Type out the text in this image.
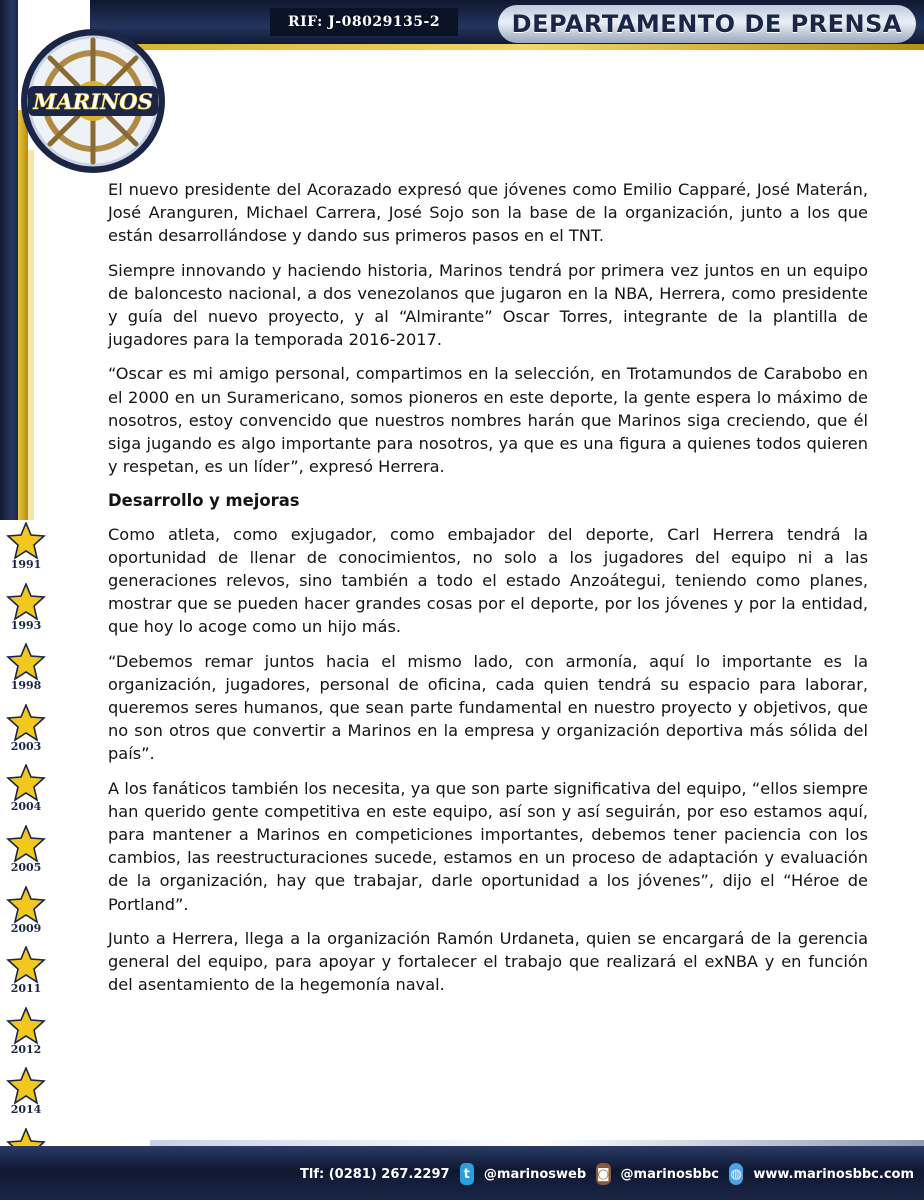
RIF: J-08029135-2	DEPARTAMENTO DE PRENSA
MARINOS

El nuevo presidente del Acorazado expresó que jóvenes como Emilio Capparé, José Materán, José Aranguren, Michael Carrera, José Sojo son la base de la organización, junto a los que están desarrollándose y dando sus primeros pasos en el TNT.

Siempre innovando y haciendo historia, Marinos tendrá por primera vez juntos en un equipo de baloncesto nacional, a dos venezolanos que jugaron en la NBA, Herrera, como presidente y guía del nuevo proyecto, y al “Almirante” Oscar Torres, integrante de la plantilla de jugadores para la temporada 2016-2017.

“Oscar es mi amigo personal, compartimos en la selección, en Trotamundos de Carabobo en el 2000 en un Suramericano, somos pioneros en este deporte, la gente espera lo máximo de nosotros, estoy convencido que nuestros nombres harán que Marinos siga creciendo, que él siga jugando es algo importante para nosotros, ya que es una figura a quienes todos quieren y respetan, es un líder”, expresó Herrera.

Desarrollo y mejoras

Como atleta, como exjugador, como embajador del deporte, Carl Herrera tendrá la oportunidad de llenar de conocimientos, no solo a los jugadores del equipo ni a las generaciones relevos, sino también a todo el estado Anzoátegui, teniendo como planes, mostrar que se pueden hacer grandes cosas por el deporte, por los jóvenes y por la entidad, que hoy lo acoge como un hijo más.

“Debemos remar juntos hacia el mismo lado, con armonía, aquí lo importante es la organización, jugadores, personal de oficina, cada quien tendrá su espacio para laborar, queremos seres humanos, que sean parte fundamental en nuestro proyecto y objetivos, que no son otros que convertir a Marinos en la empresa y organización deportiva más sólida del país”.

A los fanáticos también los necesita, ya que son parte significativa del equipo, “ellos siempre han querido gente competitiva en este equipo, así son y así seguirán, por eso estamos aquí, para mantener a Marinos en competiciones importantes, debemos tener paciencia con los cambios, las reestructuraciones sucede, estamos en un proceso de adaptación y evaluación de la organización, hay que trabajar, darle oportunidad a los jóvenes”, dijo el “Héroe de Portland”.

Junto a Herrera, llega a la organización Ramón Urdaneta, quien se encargará de la gerencia general del equipo, para apoyar y fortalecer el trabajo que realizará el exNBA y en función del asentamiento de la hegemonía naval.

1991
1993
1998
2003
2004
2005
2009
2011
2012
2014
Tlf: (0281) 267.2297	t	@marinosweb ◙ @marinosbbc ◍ www.marinosbbc.com
